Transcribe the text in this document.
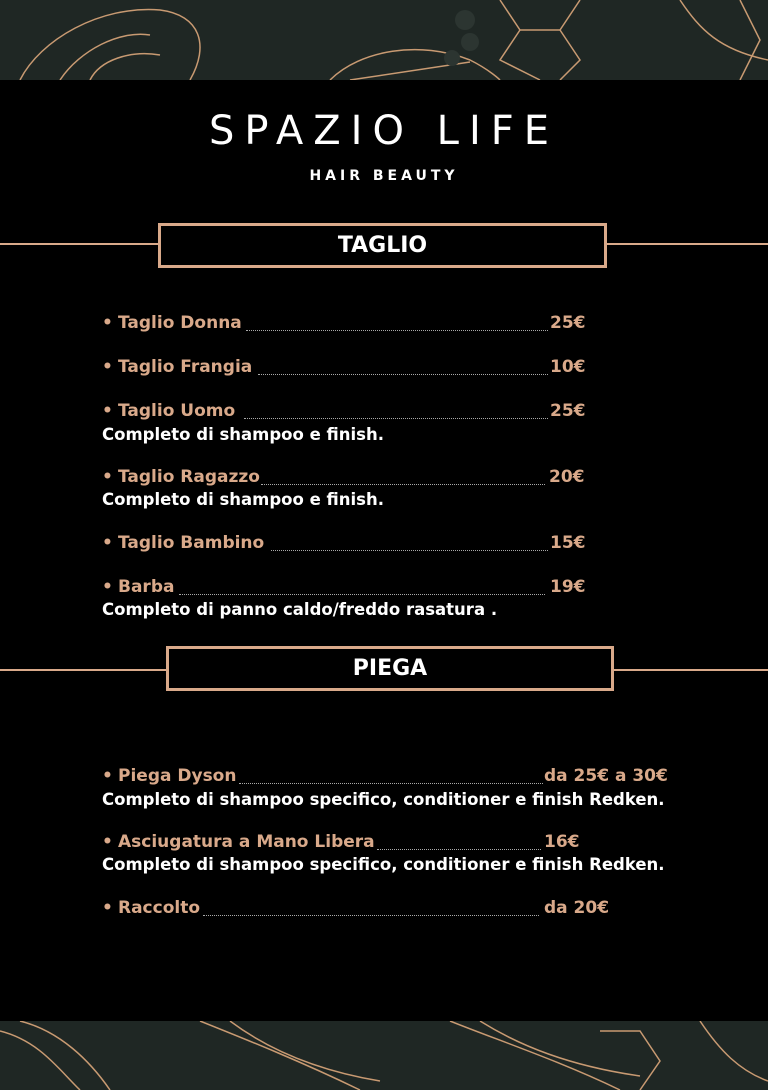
SPAZIO LIFE
HAIR BEAUTY
TAGLIO
• Taglio Donna	25€
• Taglio Frangia	10€
• Taglio Uomo	25€
Completo di shampoo e finish.
• Taglio Ragazzo	20€
Completo di shampoo e finish.
• Taglio Bambino	15€
• Barba	19€
Completo di panno caldo/freddo rasatura .
PIEGA
• Piega Dyson	da 25€ a 30€
Completo di shampoo specifico, conditioner e finish Redken.
• Asciugatura a Mano Libera	16€
Completo di shampoo specifico, conditioner e finish Redken.
• Raccolto	da 20€
